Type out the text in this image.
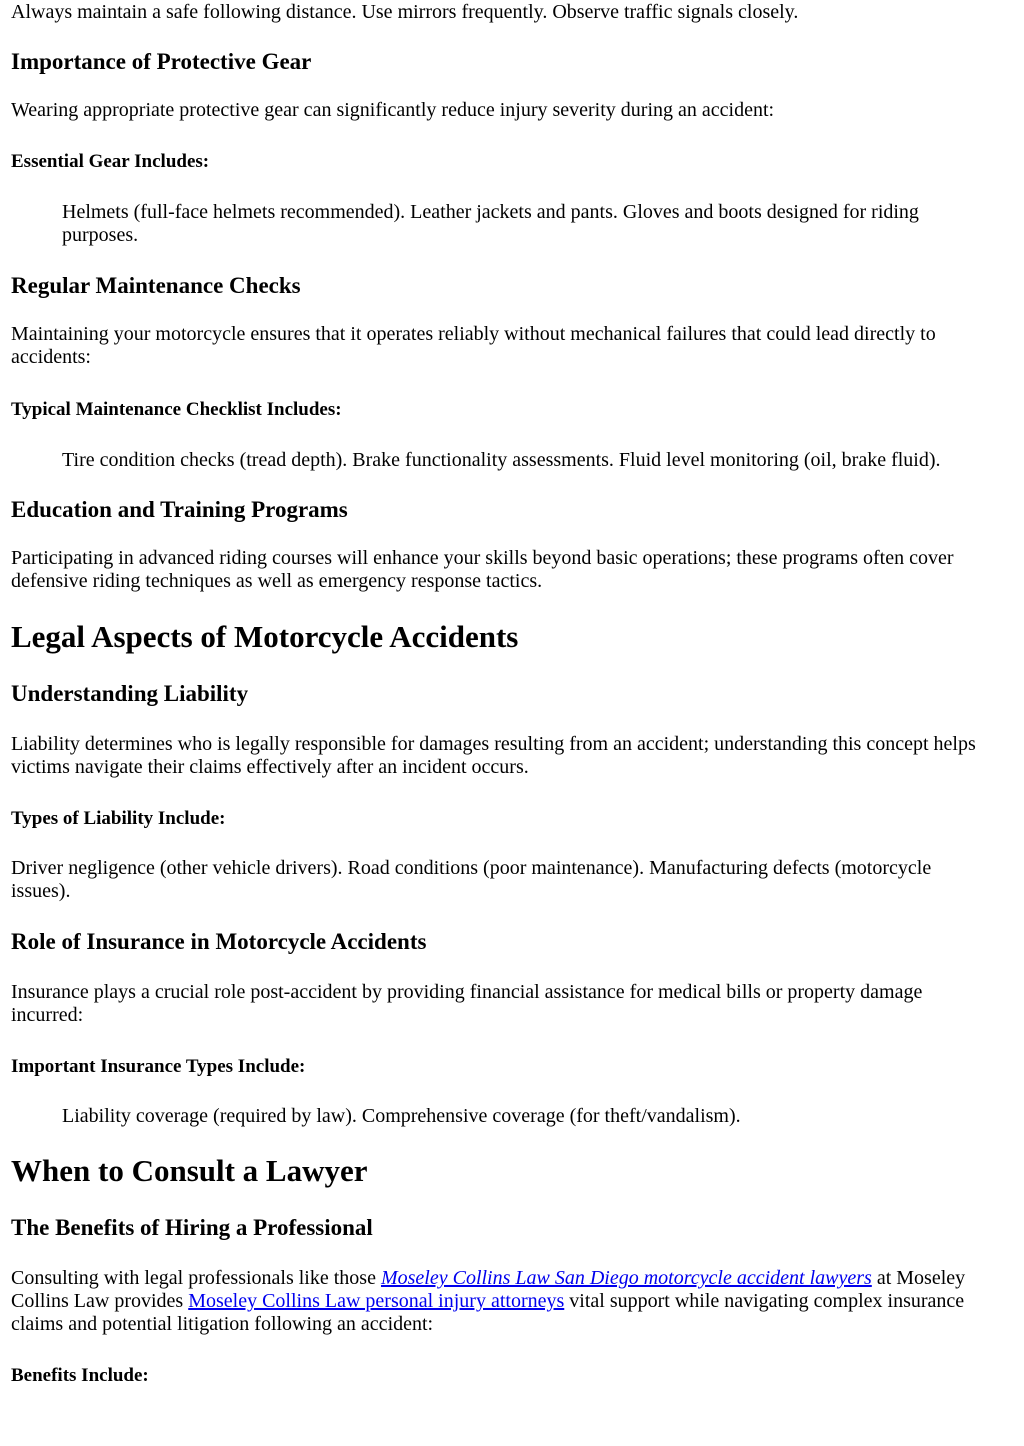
Always maintain a safe following distance. Use mirrors frequently. Observe traffic signals closely.

Importance of Protective Gear

Wearing appropriate protective gear can significantly reduce injury severity during an accident:

Essential Gear Includes:

Helmets (full-face helmets recommended). Leather jackets and pants. Gloves and boots designed for riding

purposes.

Regular Maintenance Checks

Maintaining your motorcycle ensures that it operates reliably without mechanical failures that could lead directly to

accidents:

Typical Maintenance Checklist Includes:

Tire condition checks (tread depth). Brake functionality assessments. Fluid level monitoring (oil, brake fluid).

Education and Training Programs

Participating in advanced riding courses will enhance your skills beyond basic operations; these programs often cover

defensive riding techniques as well as emergency response tactics.

Legal Aspects of Motorcycle Accidents
Understanding Liability

Liability determines who is legally responsible for damages resulting from an accident; understanding this concept helps

victims navigate their claims effectively after an incident occurs.

Types of Liability Include:

Driver negligence (other vehicle drivers). Road conditions (poor maintenance). Manufacturing defects (motorcycle

issues).

Role of Insurance in Motorcycle Accidents

Insurance plays a crucial role post-accident by providing financial assistance for medical bills or property damage

incurred:

Important Insurance Types Include:

Liability coverage (required by law). Comprehensive coverage (for theft/vandalism).

When to Consult a Lawyer
The Benefits of Hiring a Professional

Consulting with legal professionals like those Moseley Collins Law San Diego motorcycle accident lawyers at Moseley

Collins Law provides Moseley Collins Law personal injury attorneys vital support while navigating complex insurance

claims and potential litigation following an accident:

Benefits Include:
